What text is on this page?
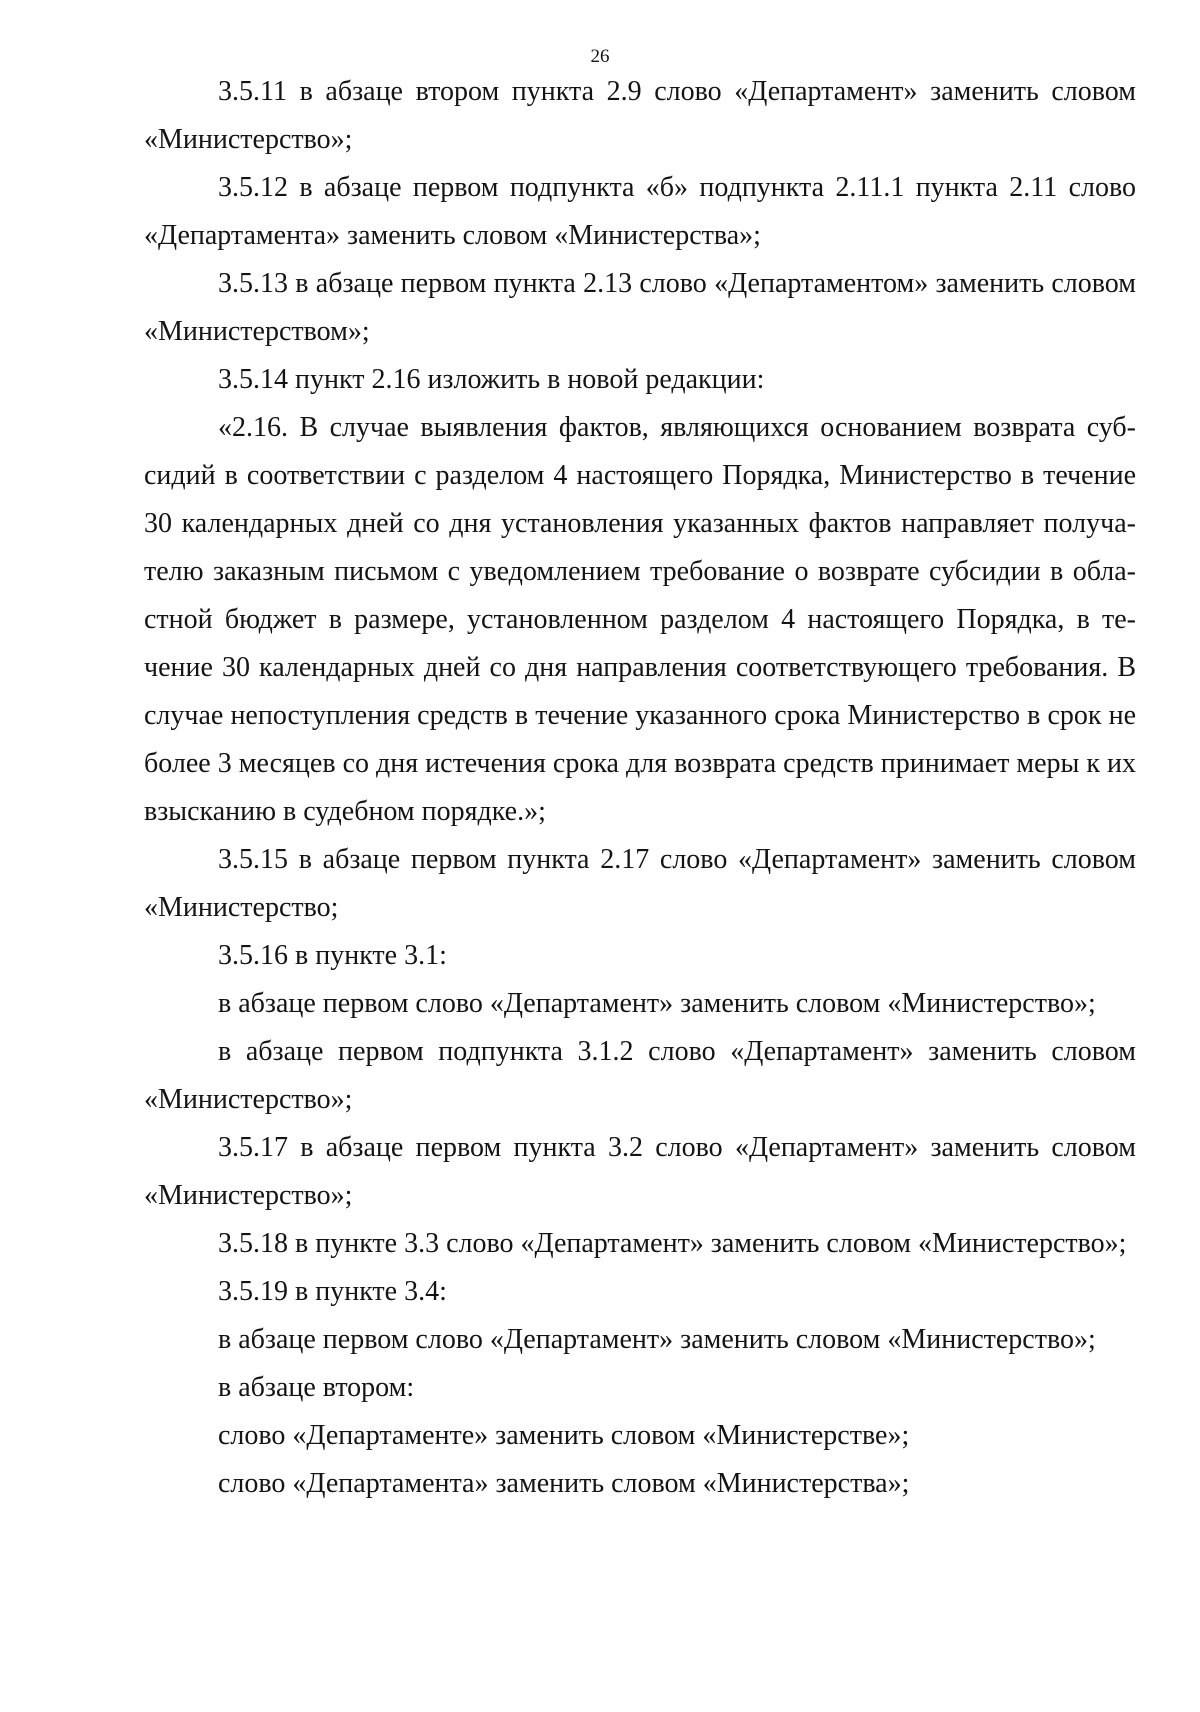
26

3.5.11 в абзаце втором пункта 2.9 слово «Департамент» заменить словом «Министерство»;

3.5.12 в абзаце первом подпункта «б» подпункта 2.11.1 пункта 2.11 слово «Департамента» заменить словом «Министерства»;

3.5.13 в абзаце первом пункта 2.13 слово «Департаментом» заменить словом «Министерством»;

3.5.14 пункт 2.16 изложить в новой редакции:

«2.16. В случае выявления фактов, являющихся основанием возврата субсидий в соответствии с разделом 4 настоящего Порядка, Министерство в течение 30 календарных дней со дня установления указанных фактов направляет получателю заказным письмом с уведомлением требование о возврате субсидии в областной бюджет в размере, установленном разделом 4 настоящего Порядка, в течение 30 календарных дней со дня направления соответствующего требования. В случае непоступления средств в течение указанного срока Министерство в срок не более 3 месяцев со дня истечения срока для возврата средств принимает меры к их взысканию в судебном порядке.»;

3.5.15 в абзаце первом пункта 2.17 слово «Департамент» заменить словом «Министерство;

3.5.16 в пункте 3.1:

в абзаце первом слово «Департамент» заменить словом «Министерство»;

в абзаце первом подпункта 3.1.2 слово «Департамент» заменить словом «Министерство»;

3.5.17 в абзаце первом пункта 3.2 слово «Департамент» заменить словом «Министерство»;

3.5.18 в пункте 3.3 слово «Департамент» заменить словом «Министерство»;

3.5.19 в пункте 3.4:

в абзаце первом слово «Департамент» заменить словом «Министерство»;

в абзаце втором:

слово «Департаменте» заменить словом «Министерстве»;

слово «Департамента» заменить словом «Министерства»;
